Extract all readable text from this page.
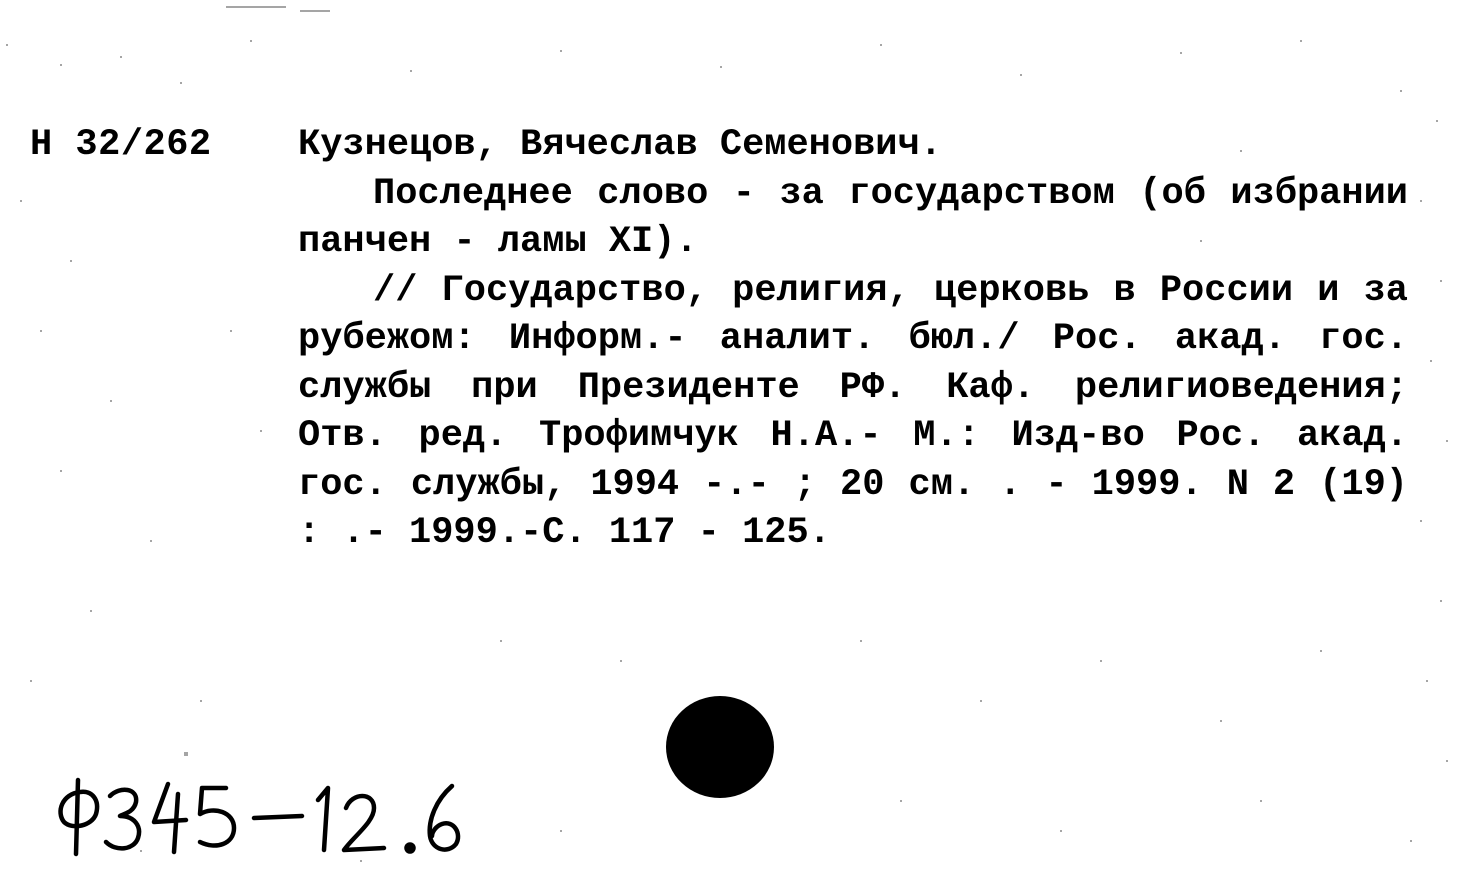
Н 32/262 Кузнецов, Вячеслав Семенович.
Последнее слово - за государством (об избрании панчен - ламы XI).
// Государство, религия, церковь в России и за рубежом: Информ.- аналит. бюл./ Рос. акад. гос. службы при Президенте РФ. Каф. религиоведения; Отв. ред. Трофимчук Н.А.- М.: Изд-во Рос. акад. гос. службы, 1994 -.- ; 20 см. . - 1999. N 2 (19) : .- 1999.-С. 117 - 125.
